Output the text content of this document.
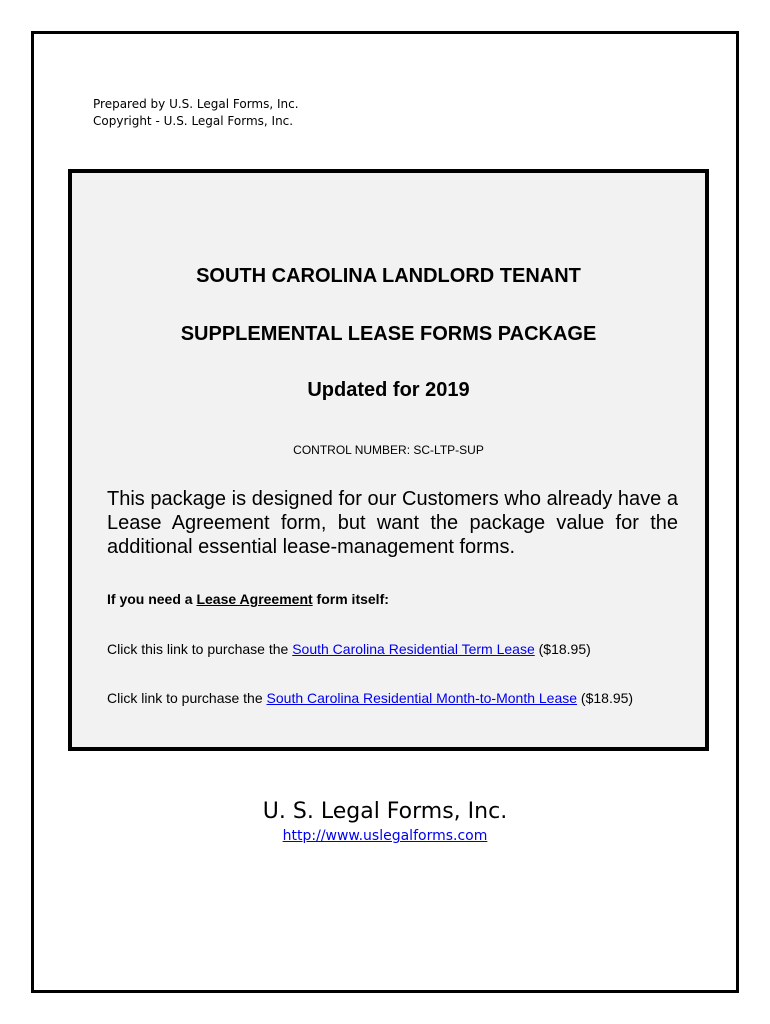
Prepared by U.S. Legal Forms, Inc.
Copyright - U.S. Legal Forms, Inc.
SOUTH CAROLINA LANDLORD TENANT
SUPPLEMENTAL LEASE FORMS PACKAGE
Updated for 2019
CONTROL NUMBER: SC-LTP-SUP
This package is designed for our Customers who already have a Lease Agreement form, but want the package value for the additional essential lease-management forms.
If you need a Lease Agreement form itself:
Click this link to purchase the South Carolina Residential Term Lease ($18.95)
Click link to purchase the South Carolina Residential Month-to-Month Lease ($18.95)
U. S. Legal Forms, Inc.
http://www.uslegalforms.com
